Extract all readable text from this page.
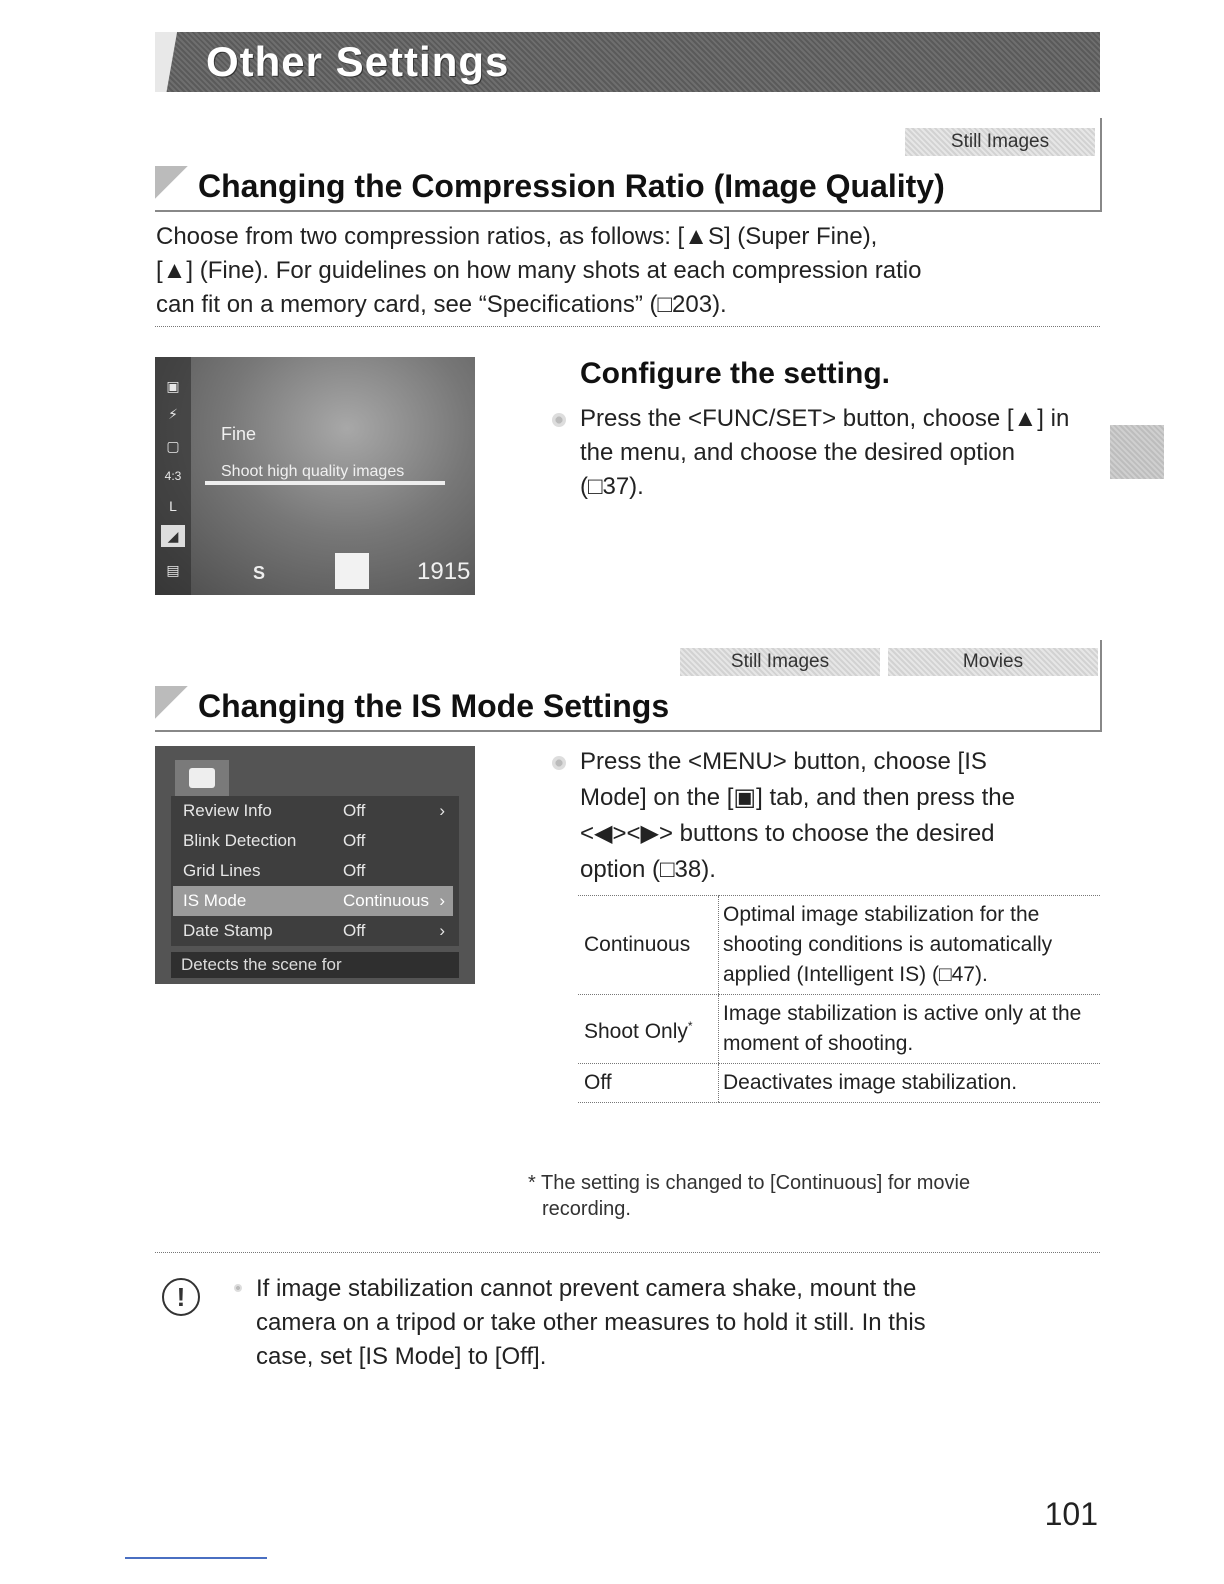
Other Settings
Still Images
Changing the Compression Ratio (Image Quality)
Choose from two compression ratios, as follows: [▲S] (Super Fine),
[▲] (Fine). For guidelines on how many shots at each compression ratio
can fit on a memory card, see “Specifications” (□203).
▣
⚡
▢
4:3
L
◢
▤
Fine
Shoot high quality images
S	1915
Configure the setting.
Press the <FUNC/SET> button, choose [▲] in
the menu, and choose the desired option
(□37).
Still Images	Movies
Changing the IS Mode Settings
Review Info	Off	›
Blink Detection	Off
Grid Lines	Off
IS Mode	Continuous ›
Date Stamp	Off	›
Detects the scene for
Press the <MENU> button, choose [IS
Mode] on the [▣] tab, and then press the
<◀><▶> buttons to choose the desired
option (□38).
Continuous	Optimal image stabilization for the shooting conditions is automatically applied (Intelligent IS) (□47).
Shoot Only*	Image stabilization is active only at the moment of shooting.
Off	Deactivates image stabilization.
* The setting is changed to [Continuous] for movie
recording.
!	If image stabilization cannot prevent camera shake, mount the
camera on a tripod or take other measures to hold it still. In this
case, set [IS Mode] to [Off].
101
